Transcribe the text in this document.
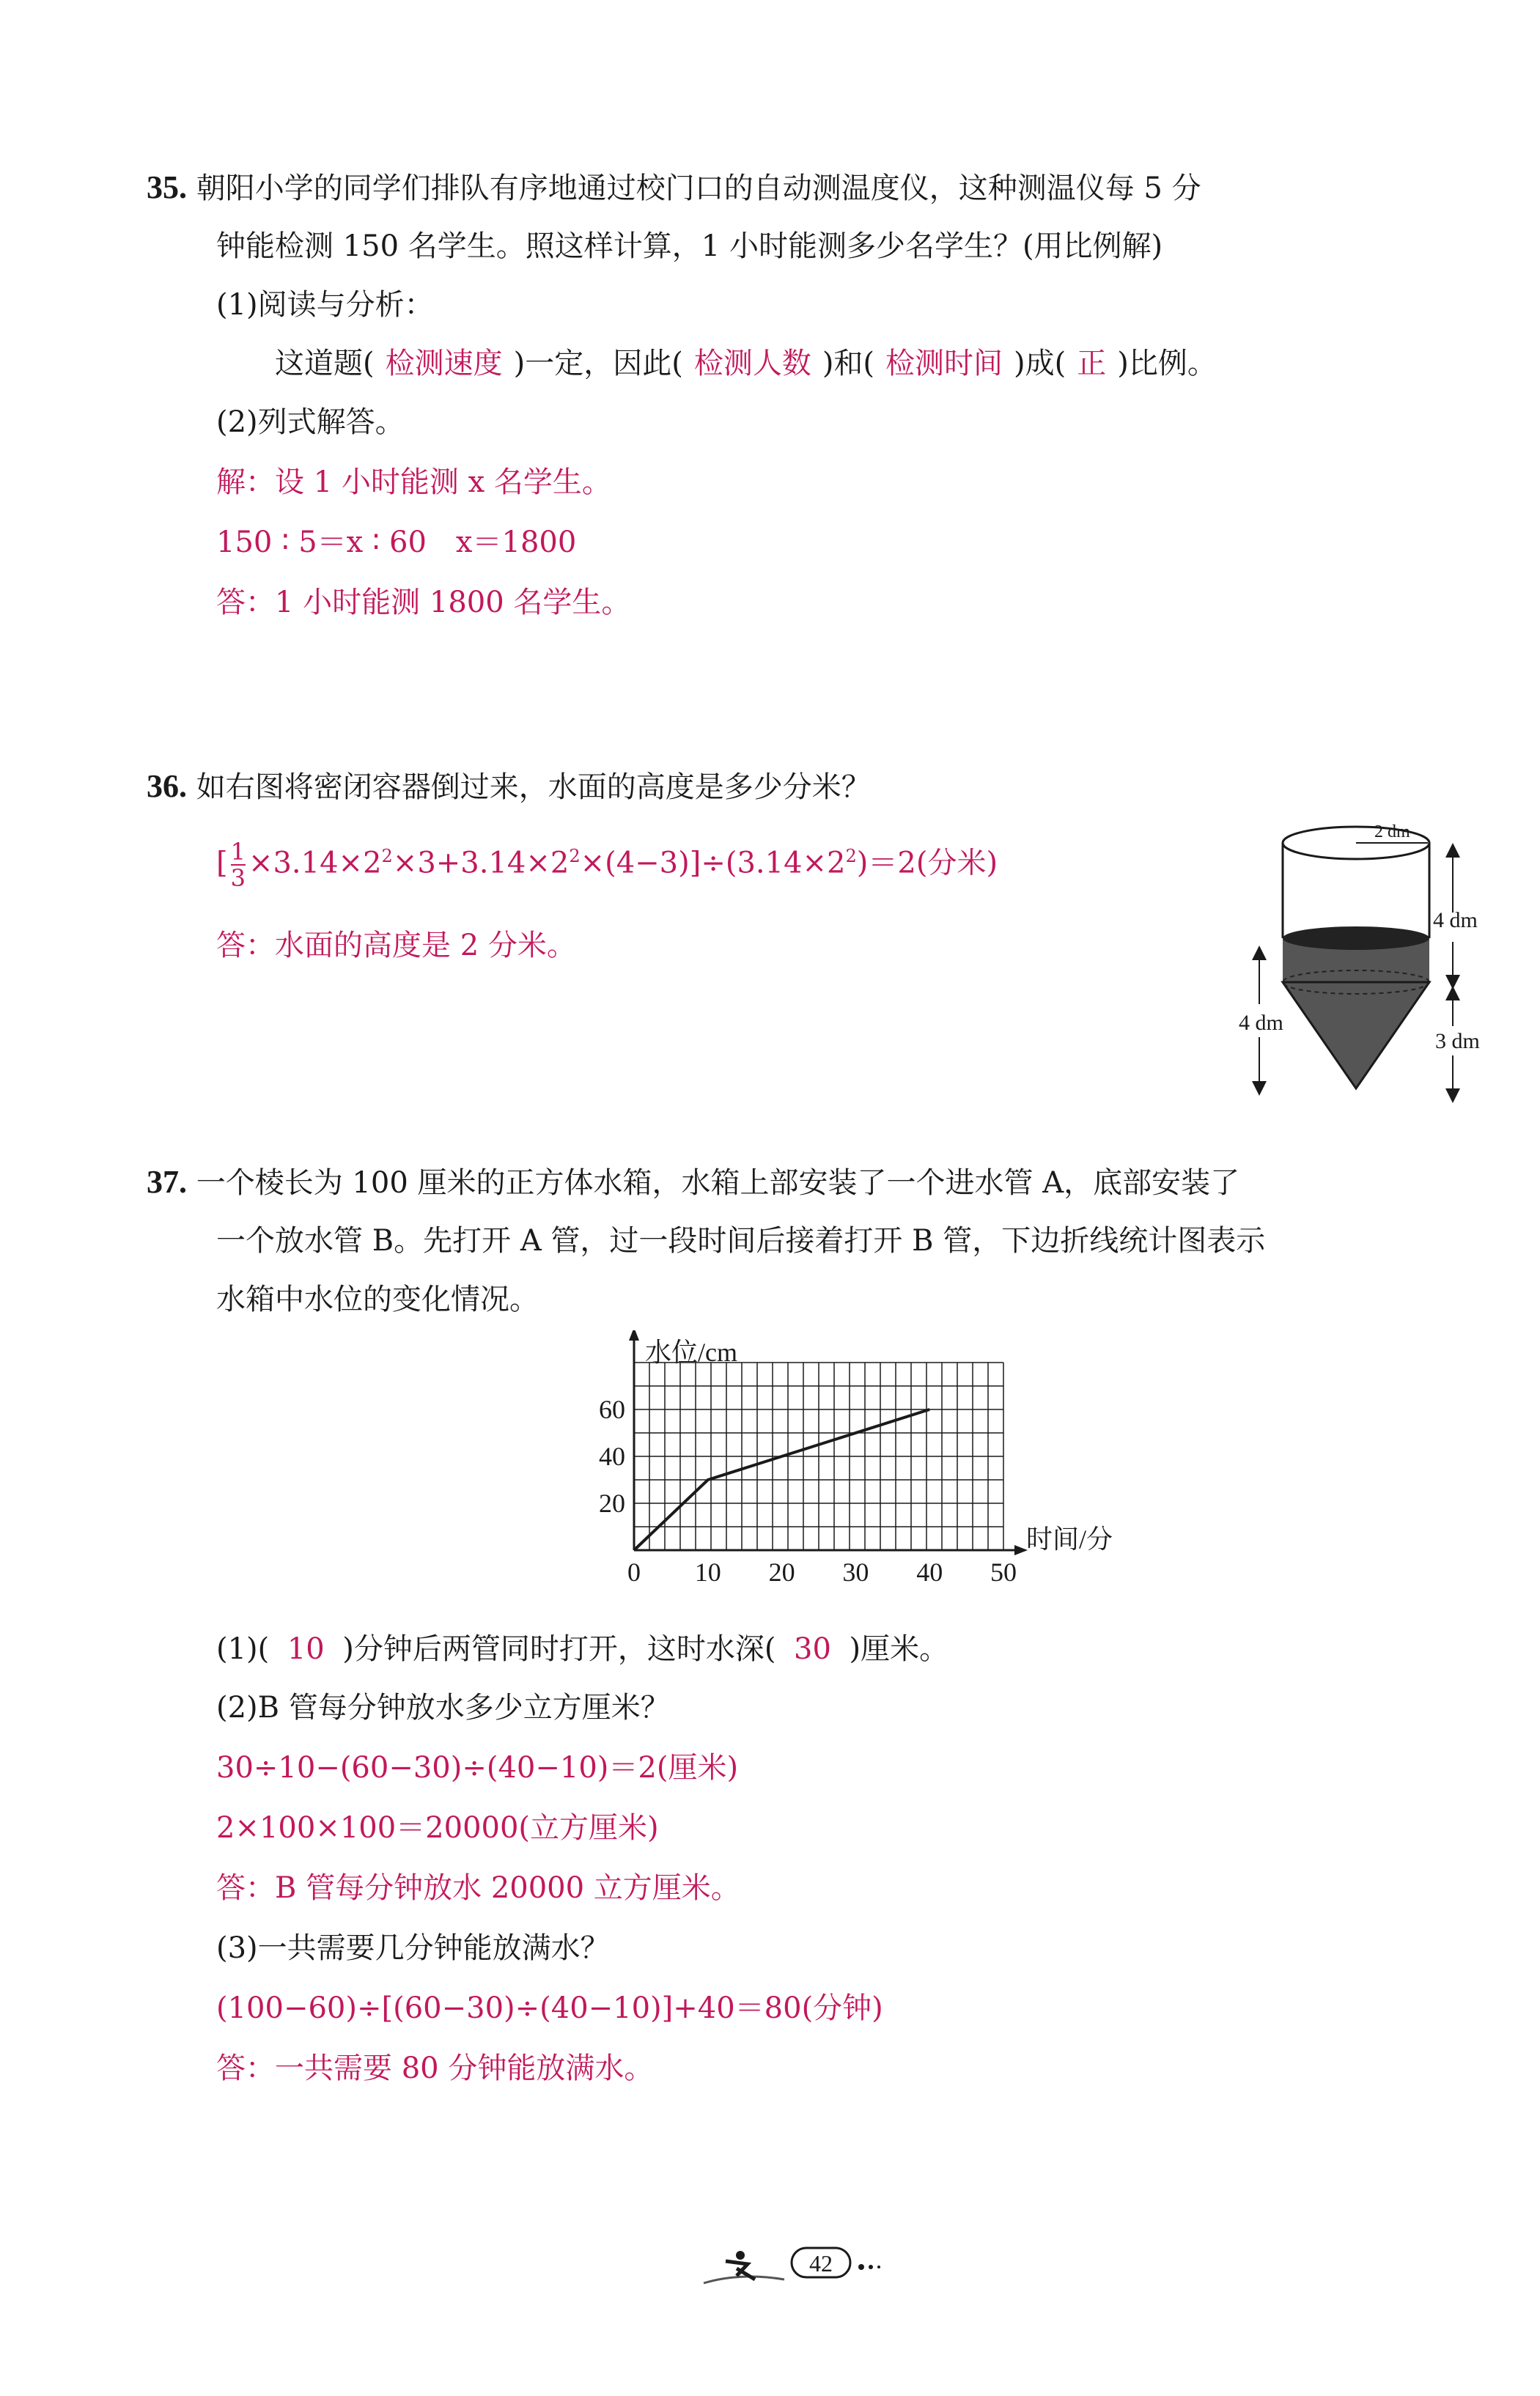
35. 朝阳小学的同学们排队有序地通过校门口的自动测温度仪，这种测温仪每 5 分
钟能检测 150 名学生。照这样计算，1 小时能测多少名学生？(用比例解)
(1)阅读与分析：
这道题( 检测速度 )一定，因此( 检测人数 )和( 检测时间 )成( 正 )比例。
(2)列式解答。
解：设 1 小时能测 x 名学生。
150 ∶ 5＝x ∶ 60　x＝1800
答：1 小时能测 1800 名学生。
36. 如右图将密闭容器倒过来，水面的高度是多少分米？
[ $\frac{1}{3} \times 3.14\times 2^2\times 3+3.14\times 2^2\times(4-3)]\div(3.14\times 2^2)=2$(分米)
答：水面的高度是 2 分米。
2 dm
4 dm
3 dm
4 dm
37. 一个棱长为 100 厘米的正方体水箱，水箱上部安装了一个进水管 A，底部安装了
一个放水管 B。先打开 A 管，过一段时间后接着打开 B 管，下边折线统计图表示
水箱中水位的变化情况。
0 10 20 30 40 50
20
40
60
水位/cm
时间/分
(1)( 10 )分钟后两管同时打开，这时水深( 30 )厘米。
(2)B 管每分钟放水多少立方厘米？
30÷10−(60−30)÷(40−10)＝2(厘米)
2×100×100＝20000(立方厘米)
答：B 管每分钟放水 20000 立方厘米。
(3)一共需要几分钟能放满水？
(100−60)÷[(60−30)÷(40−10)]+40＝80(分钟)
答：一共需要 80 分钟能放满水。
42
